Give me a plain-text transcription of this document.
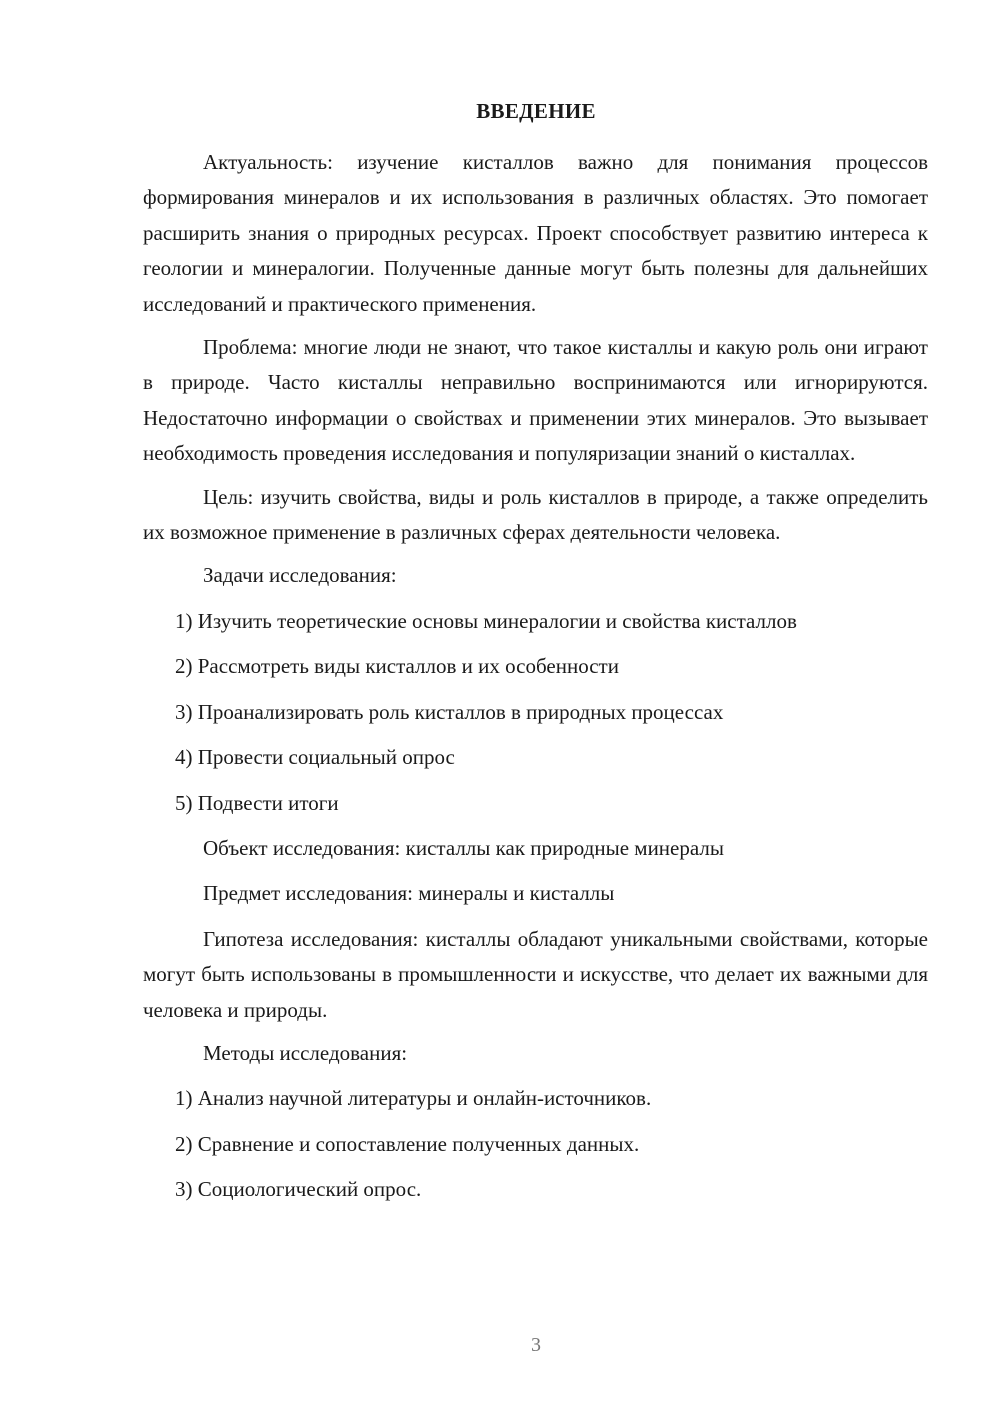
ВВЕДЕНИЕ

Актуальность: изучение кисталлов важно для понимания процессов формирования минералов и их использования в различных областях. Это помогает расширить знания о природных ресурсах. Проект способствует развитию интереса к геологии и минералогии. Полученные данные могут быть полезны для дальнейших исследований и практического применения.

Проблема: многие люди не знают, что такое кисталлы и какую роль они играют в природе. Часто кисталлы неправильно воспринимаются или игнорируются. Недостаточно информации о свойствах и применении этих минералов. Это вызывает необходимость проведения исследования и популяризации знаний о кисталлах.

Цель: изучить свойства, виды и роль кисталлов в природе, а также определить их возможное применение в различных сферах деятельности человека.

Задачи исследования:

1) Изучить теоретические основы минералогии и свойства кисталлов

2) Рассмотреть виды кисталлов и их особенности

3) Проанализировать роль кисталлов в природных процессах

4) Провести социальный опрос

5) Подвести итоги

Объект исследования: кисталлы как природные минералы

Предмет исследования: минералы и кисталлы

Гипотеза исследования: кисталлы обладают уникальными свойствами, которые могут быть использованы в промышленности и искусстве, что делает их важными для человека и природы.

Методы исследования:

1) Анализ научной литературы и онлайн-источников.

2) Сравнение и сопоставление полученных данных.

3) Социологический опрос.

3
